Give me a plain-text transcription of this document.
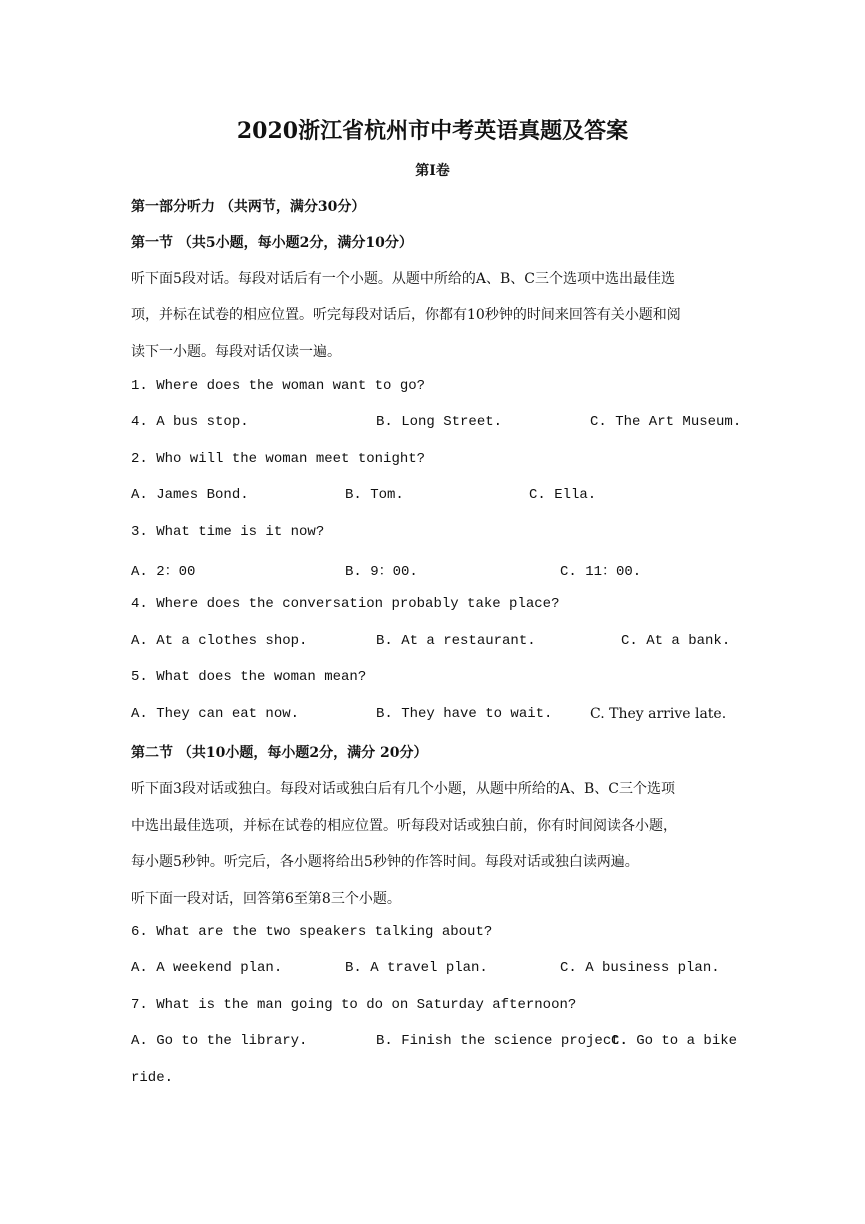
2020浙江省杭州市中考英语真题及答案
第I卷
第一部分听力 （共两节，满分30分）
第一节 （共5小题，每小题2分，满分10分）
听下面5段对话。每段对话后有一个小题。从题中所给的A、B、C三个选项中选出最佳选
项，并标在试卷的相应位置。听完每段对话后，你都有10秒钟的时间来回答有关小题和阅
读下一小题。每段对话仅读一遍。
1. Where does the woman want to go?
4. A bus stop.	B. Long Street.	C. The Art Museum.
2. Who will the woman meet tonight?
A. James Bond.	B. Tom.	C. Ella.
3. What time is it now?
A. 2：00	B. 9：00.	C. 11：00.
4. Where does the conversation probably take place?
A. At a clothes shop.	B. At a restaurant.	C. At a bank.
5. What does the woman mean?
A. They can eat now.	B. They have to wait.	C. They arrive late.
第二节 （共10小题，每小题2分，满分 20分）
听下面3段对话或独白。每段对话或独白后有几个小题，从题中所给的A、B、C三个选项
中选出最佳选项，并标在试卷的相应位置。听每段对话或独白前，你有时间阅读各小题，
每小题5秒钟。听完后，各小题将给出5秒钟的作答时间。每段对话或独白读两遍。
听下面一段对话，回答第6至第8三个小题。
6. What are the two speakers talking about?
A. A weekend plan.	B. A travel plan.	C. A business plan.
7. What is the man going to do on Saturday afternoon?
A. Go to the library.	B. Finish the science project.
C. Go to a bike
ride.
